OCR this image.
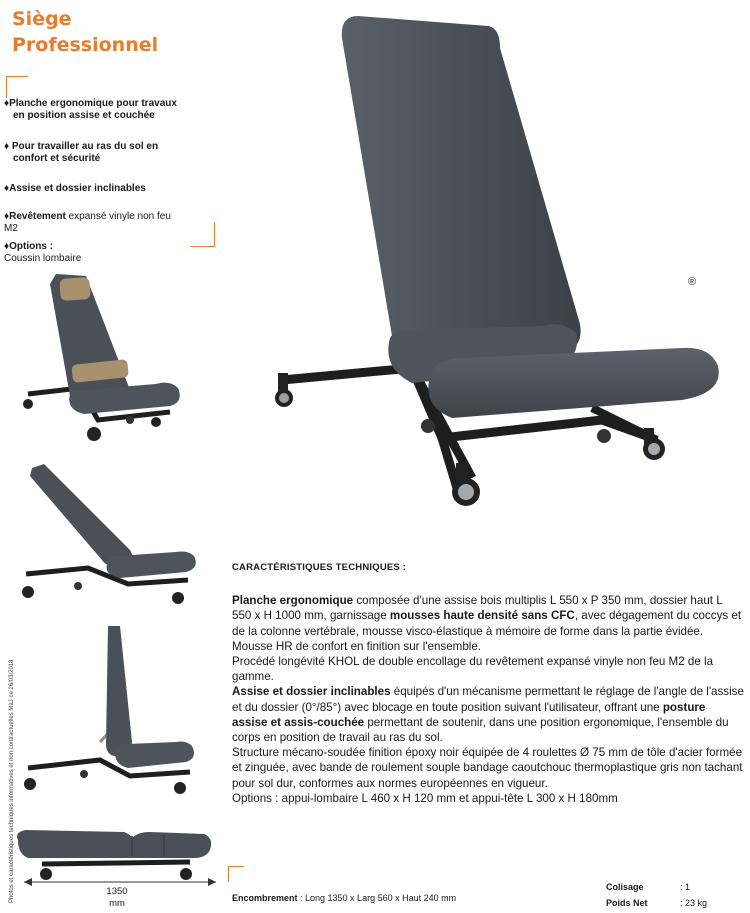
Siège Professionnel
♦Planche ergonomique pour travaux
en position assise et couchée
♦ Pour travailler au ras du sol en
confort et sécurité
♦Assise et dossier inclinables
♦Revêtement expansé vinyle non feu
M2
♦Options :
Coussin lombaire
®
1350
mm
Photos et caractéristiques techniques informatives et non contractuelles MàJ ce 26/03/2018
CARACTÉRISTIQUES TECHNIQUES :

Planche ergonomique composée d'une assise bois multiplis L 550 x P 350 mm, dossier haut L 550 x H 1000 mm, garnissage mousses haute densité sans CFC, avec dégagement du coccys et de la colonne vertébrale, mousse visco-élastique à mémoire de forme dans la partie évidée.

Mousse HR de confort en finition sur l'ensemble.

Procédé longévité KHOL de double encollage du revêtement expansé vinyle non feu M2 de la gamme.

Assise et dossier inclinables équipés d'un mécanisme permettant le réglage de l'angle de l'assise et du dossier (0°/85°) avec blocage en toute position suivant l'utilisateur, offrant une posture assise et assis-couchée permettant de soutenir, dans une position ergonomique, l'ensemble du corps en position de travail au ras du sol.

Structure mécano-soudée finition époxy noir équipée de 4 roulettes Ø 75 mm de tôle d'acier formée et zinguée, avec bande de roulement souple bandage caoutchouc thermoplastique gris non tachant pour sol dur, conformes aux normes européennes en vigueur.

Options : appui-lombaire L 460 x H 120 mm et appui-tête L 300 x H 180mm

Encombrement : Long 1350 x Larg 560 x Haut 240 mm
Colisage	: 1
Poids Net	: 23 kg
